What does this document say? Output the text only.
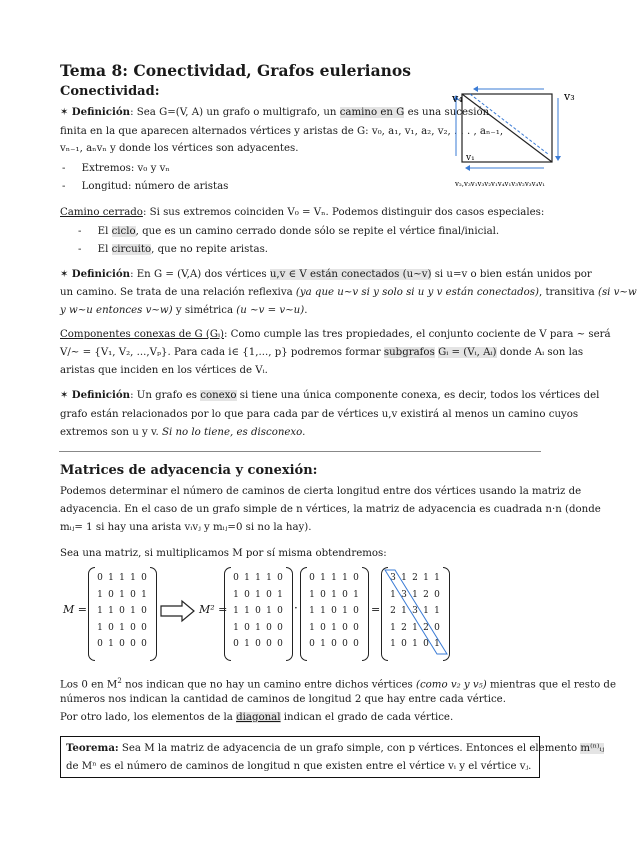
Tema 8: Conectividad, Grafos eulerianos
Conectividad:
✶ Definición: Sea G=(V, A) un grafo o multigrafo, un camino en G es una sucesión
finita en la que aparecen alternados vértices y aristas de G: v₀, a₁, v₁, a₂, v₂, . . . , aₙ₋₁,
vₙ₋₁, aₙvₙ y donde los vértices son adyacentes.
-     Extremos: v₀ y vₙ
-     Longitud: número de aristas
v₄	v₃
v₁
v₂,v₃v₁v₃v₂v₁v₄v₁v₃v₂v₃v₄v₁
Camino cerrado: Si sus extremos coinciden V₀ = Vₙ. Podemos distinguir dos casos especiales:
-     El ciclo, que es un camino cerrado donde sólo se repite el vértice final/inicial.
-     El circuito, que no repite aristas.
✶ Definición: En G = (V,A) dos vértices u,v ∈ V están conectados (u~v) si u=v o bien están unidos por
un camino. Se trata de una relación reflexiva (ya que u~v si y solo si u y v están conectados), transitiva (si v~w
y w~u entonces v~w) y simétrica (u ~v = v~u).
Componentes conexas de G (Gᵢ): Como cumple las tres propiedades, el conjunto cociente de V para ~ será
V/~ = {V₁, V₂, ...,Vₚ}. Para cada i∈ {1,..., p} podremos formar subgrafos Gᵢ = (Vᵢ, Aᵢ) donde Aᵢ son las
aristas que inciden en los vértices de Vᵢ.
✶ Definición: Un grafo es conexo si tiene una única componente conexa, es decir, todos los vértices del
grafo están relacionados por lo que para cada par de vértices u,v existirá al menos un camino cuyos
extremos son u y v. Si no lo tiene, es disconexo.
Matrices de adyacencia y conexión:
Podemos determinar el número de caminos de cierta longitud entre dos vértices usando la matriz de
adyacencia. En el caso de un grafo simple de n vértices, la matriz de adyacencia es cuadrada n·n (donde
mᵢⱼ= 1 si hay una arista vᵢvⱼ y mᵢⱼ=0 si no la hay).
Sea una matriz, si multiplicamos M por sí misma obtendremos:
M =
0 1 1 1 0
1 0 1 0 1
1 1 0 1 0
1 0 1 0 0
0 1 0 0 0
M² =
0 1 1 1 0
1 0 1 0 1
1 1 0 1 0
1 0 1 0 0
0 1 0 0 0
·
0 1 1 1 0
1 0 1 0 1
1 1 0 1 0
1 0 1 0 0
0 1 0 0 0
=
3 1 2 1 1
1 3 1 2 0
2 1 3 1 1
1 2 1 2 0
1 0 1 0 1
Los 0 en $M^2$ nos indican que no hay un camino entre dichos vértices (como v₂ y v₅) mientras que el resto de
números nos indican la cantidad de caminos de longitud 2 que hay entre cada vértice.
Por otro lado, los elementos de la diagonal indican el grado de cada vértice.
Teorema: Sea M la matriz de adyacencia de un grafo simple, con p vértices. Entonces el elemento m⁽ⁿ⁾ᵢⱼ
de Mⁿ es el número de caminos de longitud n que existen entre el vértice vᵢ y el vértice vⱼ.
